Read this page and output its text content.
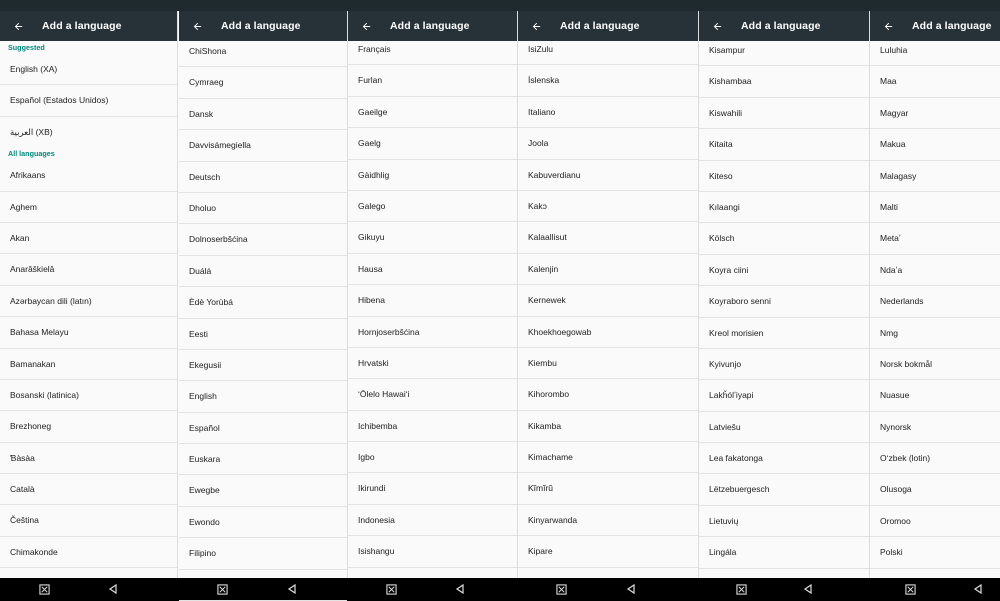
Add a language
Suggested
English (XA)
Español (Estados Unidos)
العربية (XB)
All languages
Afrikaans
Aghem
Akan
Anarâškielâ
Azərbaycan dili (latın)
Bahasa Melayu
Bamanakan
Bosanski (latinica)
Brezhoneg
Ɓàsàa
Català
Čeština
Chimakonde
Add a language
ChiShona
Cymraeg
Dansk
Davvisámegiella
Deutsch
Dholuo
Dolnoserbšćina
Duálá
Èdè Yorùbá
Eesti
Ekegusii
English
Español
Euskara
Ewegbe
Ewondo
Filipino
Add a language
Français
Furlan
Gaeilge
Gaelg
Gàidhlig
Galego
Gikuyu
Hausa
Hibena
Hornjoserbšćina
Hrvatski
ʻŌlelo Hawaiʻi
Ichibemba
Igbo
Ikirundi
Indonesia
Isishangu
Add a language
IsiZulu
Íslenska
Italiano
Joola
Kabuverdianu
Kakɔ
Kalaallisut
Kalenjin
Kernewek
Khoekhoegowab
Kiembu
Kihorombo
Kikamba
Kimachame
Kĩmĩrũ
Kinyarwanda
Kipare
Add a language
Kisampur
Kishambaa
Kiswahili
Kitaita
Kiteso
Kılaangi
Kölsch
Koyra ciini
Koyraboro senni
Kreol morisien
Kyivunjo
Lakȟólʼiyapi
Latviešu
Lea fakatonga
Lëtzebuergesch
Lietuvių
Lingála
Add a language
Luluhia
Maa
Magyar
Makua
Malagasy
Malti
Metaʼ
Ndaʼa
Nederlands
Nmg
Norsk bokmål
Nuasue
Nynorsk
Oʻzbek (lotin)
Olusoga
Oromoo
Polski
